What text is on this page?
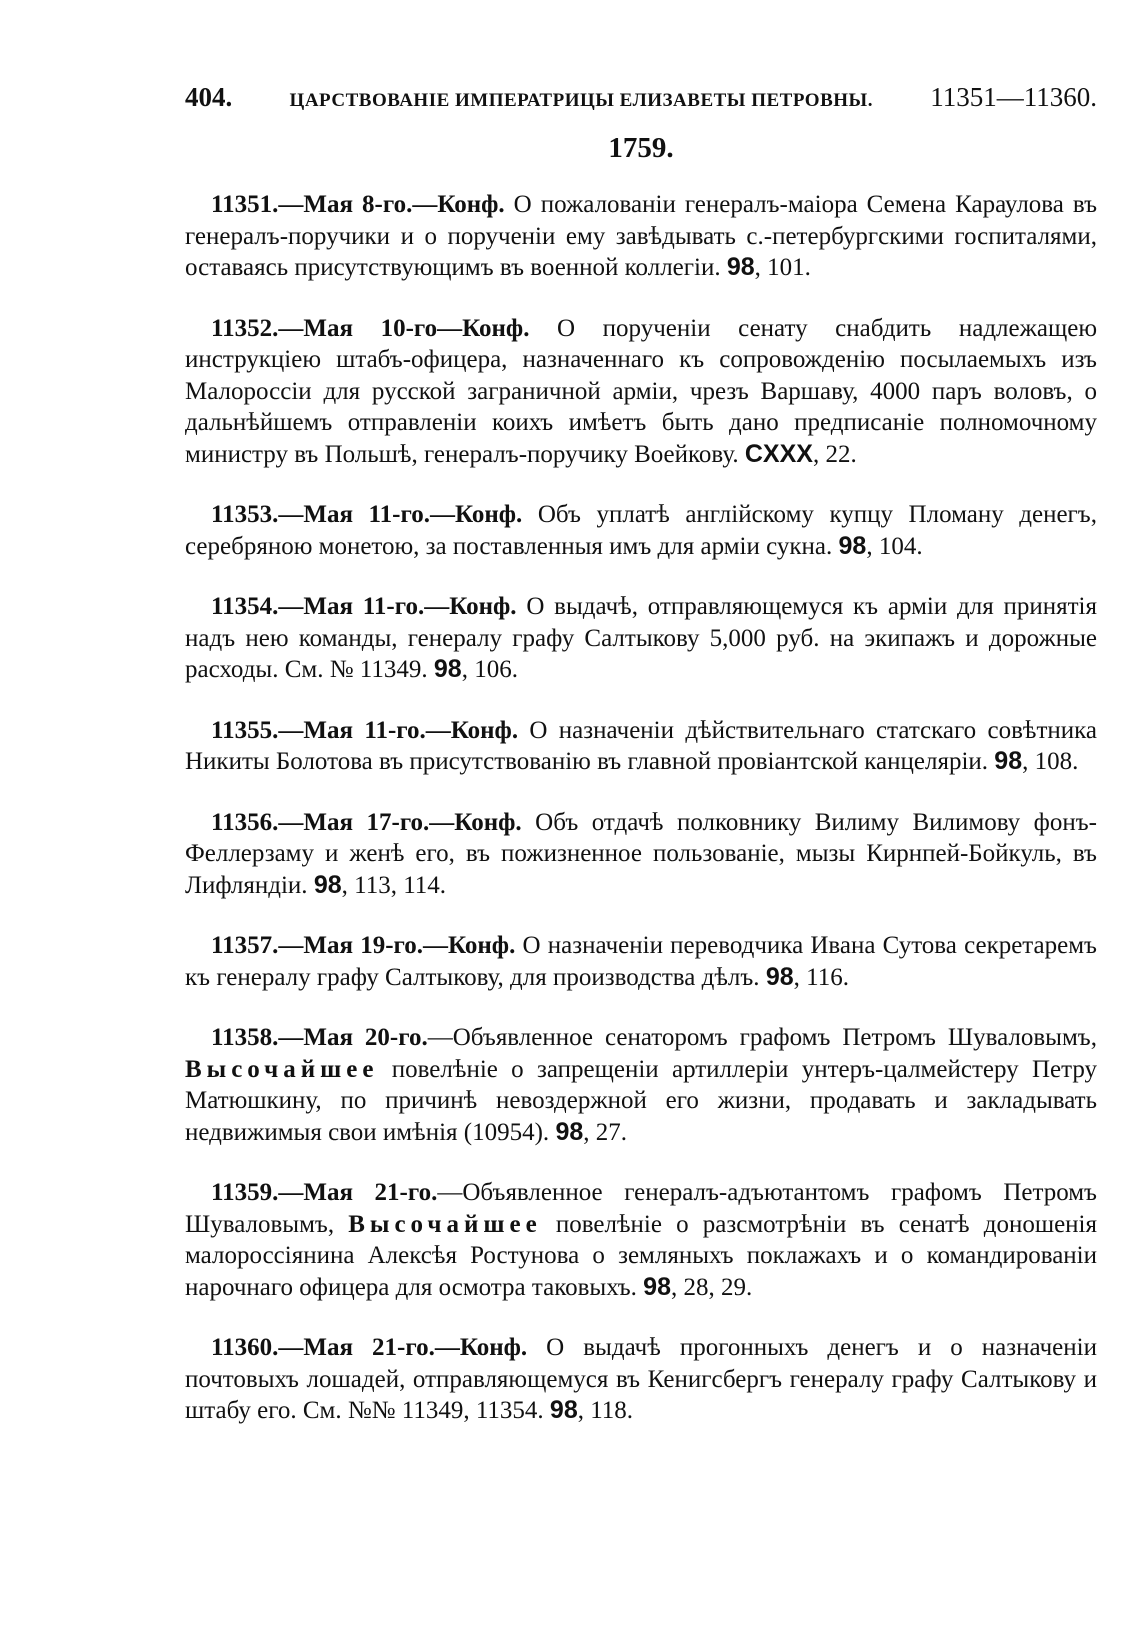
404.	ЦАРСТВОВАНІЕ ИМПЕРАТРИЦЫ ЕЛИЗАВЕТЫ ПЕТРОВНЫ. 11351—11360.
1759.

11351.—Мая 8-го.—Конф. О пожалованіи генералъ-маіора Семена Караулова въ генералъ-поручики и о порученіи ему завѣдывать с.-петербургскими госпиталями, оставаясь присутствующимъ въ военной коллегіи. 98, 101.

11352.—Мая 10-го—Конф. О порученіи сенату снабдить надлежащею инструкціею штабъ-офицера, назначеннаго къ сопровожденію посылаемыхъ изъ Малороссіи для русской заграничной арміи, чрезъ Варшаву, 4000 паръ воловъ, о дальнѣйшемъ отправленіи коихъ имѣетъ быть дано предписаніе полномочному министру въ Польшѣ, генералъ-поручику Воейкову. CXXX, 22.

11353.—Мая 11-го.—Конф. Объ уплатѣ англійскому купцу Пломану денегъ, серебряною монетою, за поставленныя имъ для арміи сукна. 98, 104.

11354.—Мая 11-го.—Конф. О выдачѣ, отправляющемуся къ арміи для принятія надъ нею команды, генералу графу Салтыкову 5,000 руб. на экипажъ и дорожные расходы. См. № 11349. 98, 106.

11355.—Мая 11-го.—Конф. О назначеніи дѣйствительнаго статскаго совѣтника Никиты Болотова въ присутствованію въ главной провіантской канцеляріи. 98, 108.

11356.—Мая 17-го.—Конф. Объ отдачѣ полковнику Вилиму Вилимову фонъ-Феллерзаму и женѣ его, въ пожизненное пользованіе, мызы Кирнпей-Бойкуль, въ Лифляндіи. 98, 113, 114.

11357.—Мая 19-го.—Конф. О назначеніи переводчика Ивана Сутова секретаремъ къ генералу графу Салтыкову, для производства дѣлъ. 98, 116.

11358.—Мая 20-го.—Объявленное сенаторомъ графомъ Петромъ Шуваловымъ, Высочайшее повелѣніе о запрещеніи артиллеріи унтеръ-цалмейстеру Петру Матюшкину, по причинѣ невоздержной его жизни, продавать и закладывать недвижимыя свои имѣнія (10954). 98, 27.

11359.—Мая 21-го.—Объявленное генералъ-адъютантомъ графомъ Петромъ Шуваловымъ, Высочайшее повелѣніе о разсмотрѣніи въ сенатѣ доношенія малороссіянина Алексѣя Ростунова о земляныхъ поклажахъ и о командированіи нарочнаго офицера для осмотра таковыхъ. 98, 28, 29.

11360.—Мая 21-го.—Конф. О выдачѣ прогонныхъ денегъ и о назначеніи почтовыхъ лошадей, отправляющемуся въ Кенигсбергъ генералу графу Салтыкову и штабу его. См. №№ 11349, 11354. 98, 118.
